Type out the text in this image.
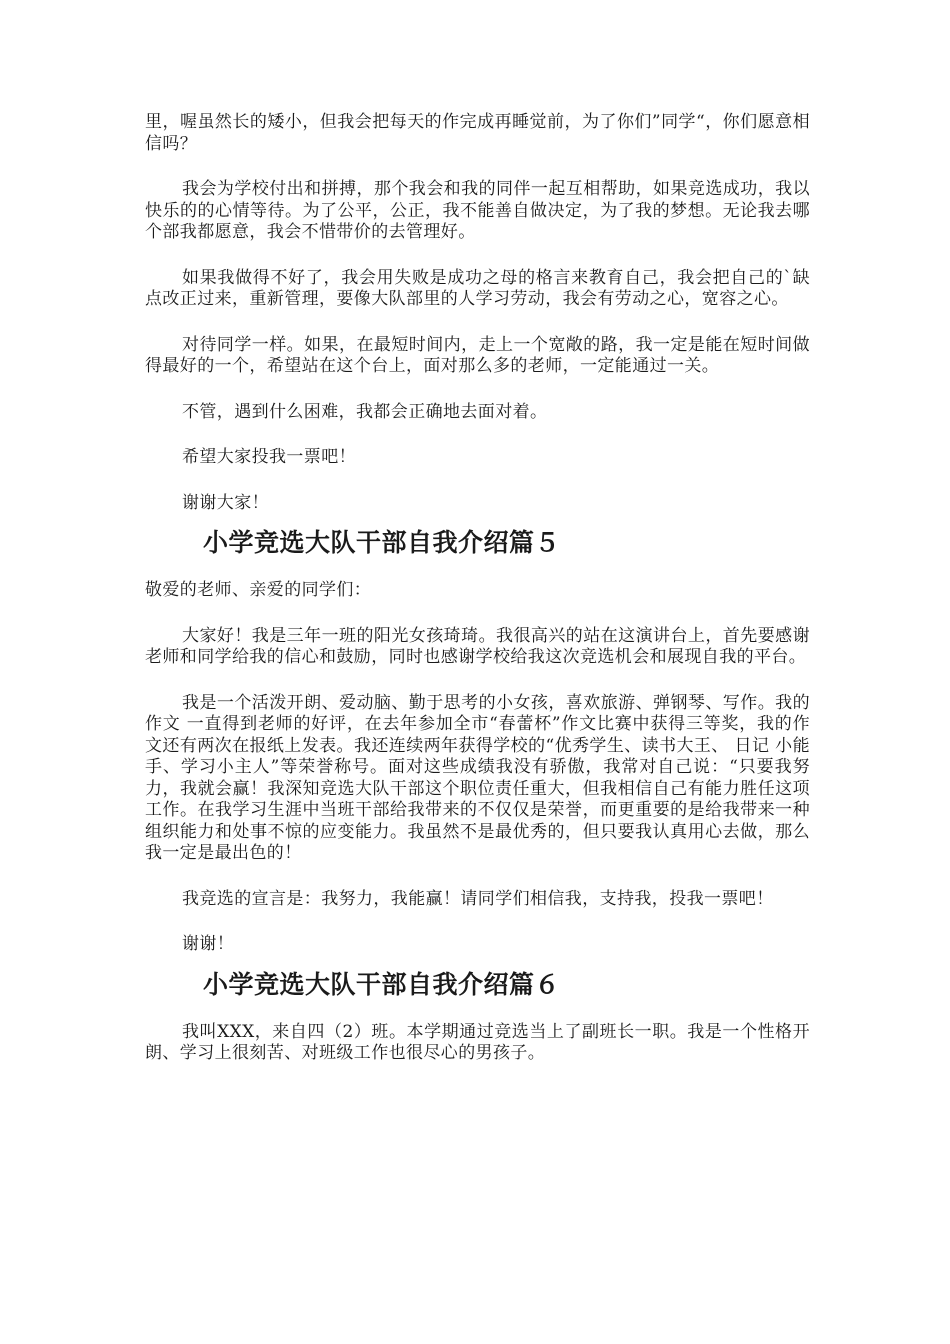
里，喔虽然长的矮小，但我会把每天的作完成再睡觉前，为了你们”同学“，你们愿意相信吗？

我会为学校付出和拼搏，那个我会和我的同伴一起互相帮助，如果竞选成功，我以快乐的的心情等待。为了公平，公正，我不能善自做决定，为了我的梦想。无论我去哪个部我都愿意，我会不惜带价的去管理好。

如果我做得不好了，我会用失败是成功之母的格言来教育自己，我会把自己的`缺点改正过来，重新管理，要像大队部里的人学习劳动，我会有劳动之心，宽容之心。

对待同学一样。如果，在最短时间内，走上一个宽敞的路，我一定是能在短时间做得最好的一个，希望站在这个台上，面对那么多的老师，一定能通过一关。

不管，遇到什么困难，我都会正确地去面对着。

希望大家投我一票吧！

谢谢大家！

小学竞选大队干部自我介绍篇５

敬爱的老师、亲爱的同学们：

大家好！我是三年一班的阳光女孩琦琦。我很高兴的站在这演讲台上，首先要感谢老师和同学给我的信心和鼓励，同时也感谢学校给我这次竞选机会和展现自我的平台。

我是一个活泼开朗、爱动脑、勤于思考的小女孩，喜欢旅游、弹钢琴、写作。我的 作文 一直得到老师的好评，在去年参加全市“春蕾杯”作文比赛中获得三等奖，我的作文还有两次在报纸上发表。我还连续两年获得学校的“优秀学生、读书大王、 日记 小能手、学习小主人”等荣誉称号。面对这些成绩我没有骄傲，我常对自己说：“只要我努力，我就会赢！我深知竞选大队干部这个职位责任重大，但我相信自己有能力胜任这项工作。在我学习生涯中当班干部给我带来的不仅仅是荣誉，而更重要的是给我带来一种组织能力和处事不惊的应变能力。我虽然不是最优秀的，但只要我认真用心去做，那么我一定是最出色的！

我竞选的宣言是：我努力，我能赢！请同学们相信我，支持我，投我一票吧！

谢谢！

小学竞选大队干部自我介绍篇６

我叫XXX，来自四（2）班。本学期通过竞选当上了副班长一职。我是一个性格开朗、学习上很刻苦、对班级工作也很尽心的男孩子。
